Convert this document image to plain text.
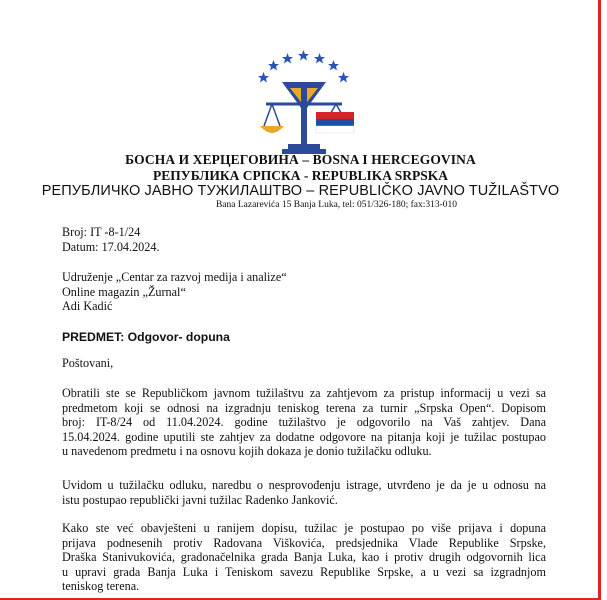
БОСНА И ХЕРЦЕГОВИНА – BOSNA I HERCEGOVINA
РЕПУБЛИКА СРПСКА - REPUBLIKA SRPSKA
РЕПУБЛИЧКО ЈАВНО ТУЖИЛАШТВО – REPUBLIČKO JAVNO TUŽILAŠTVO
Bana Lazarevića 15 Banja Luka, tel: 051/326-180; fax:313-010
Broj: IT -8-1/24
Datum: 17.04.2024.
Udruženje „Centar za razvoj medija i analize“
Online magazin „Žurnal“
Adi Kadić
PREDMET: Odgovor- dopuna
Poštovani,
Obratili ste se Republičkom javnom tužilaštvu za zahtjevom za pristup informacij u vezi sa
predmetom koji se odnosi na izgradnju teniskog terena za turnir „Srpska Open“. Dopisom
broj: IT-8/24 od 11.04.2024. godine tužilaštvo je odgovorilo na Vaš zahtjev. Dana
15.04.2024. godine uputili ste zahtjev za dodatne odgovore na pitanja koji je tužilac postupao
u navedenom predmetu i na osnovu kojih dokaza je donio tužilačku odluku.
Uvidom u tužilačku odluku, naredbu o nesprovođenju istrage, utvrđeno je da je u odnosu na
istu postupao republički javni tužilac Radenko Janković.
Kako ste već obavješteni u ranijem dopisu, tužilac je postupao po više prijava i dopuna
prijava podnesenih protiv Radovana Viškovića, predsjednika Vlade Republike Srpske,
Draška Stanivukovića, gradonačelnika grada Banja Luka, kao i protiv drugih odgovornih lica
u upravi grada Banja Luka i Teniskom savezu Republike Srpske, a u vezi sa izgradnjom
teniskog terena.
